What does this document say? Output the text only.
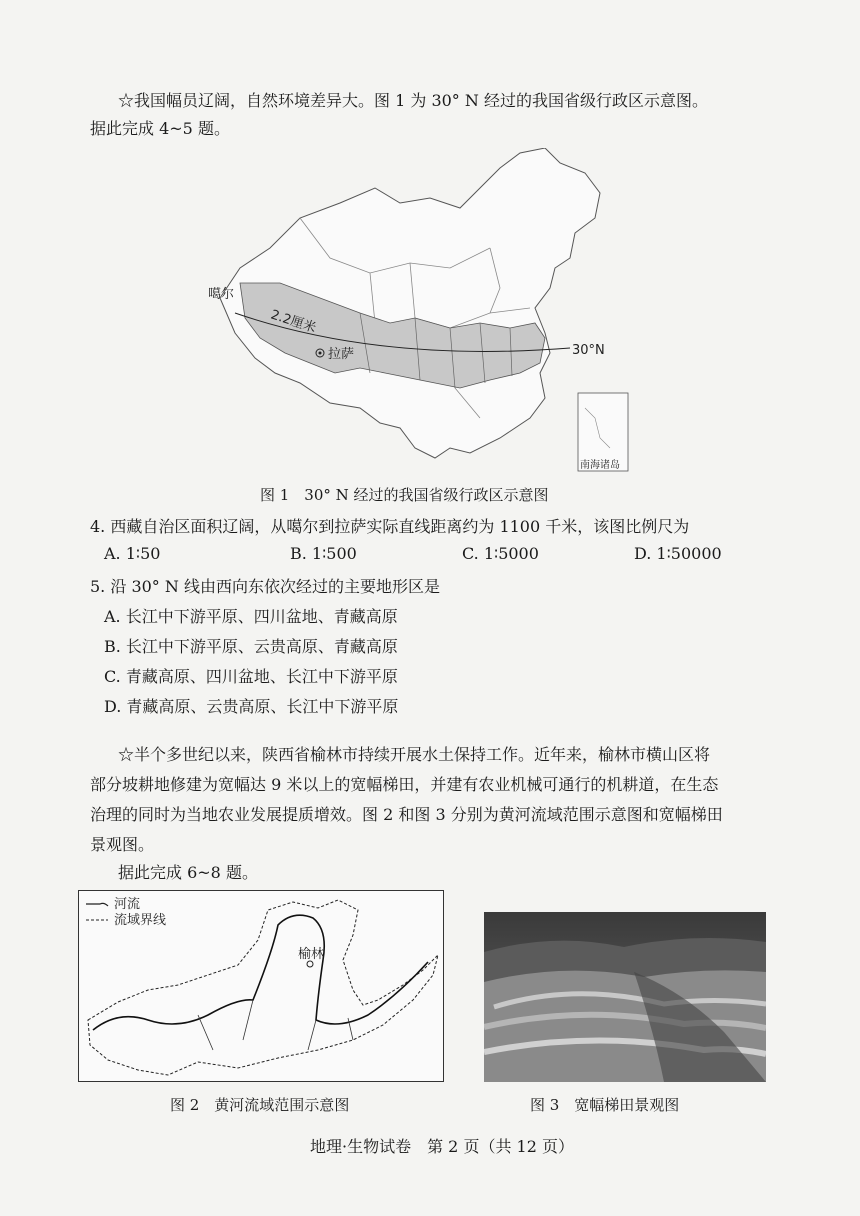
☆我国幅员辽阔，自然环境差异大。图 1 为 30° N 经过的我国省级行政区示意图。
据此完成 4~5 题。
拉萨
噶尔
2.2厘米
30°N
南海诸岛
图 1　30° N 经过的我国省级行政区示意图
4. 西藏自治区面积辽阔，从噶尔到拉萨实际直线距离约为 1100 千米，该图比例尺为
A. 1∶50	B. 1∶500	C. 1∶5000	D. 1∶50000
5. 沿 30° N 线由西向东依次经过的主要地形区是
A. 长江中下游平原、四川盆地、青藏高原
B. 长江中下游平原、云贵高原、青藏高原
C. 青藏高原、四川盆地、长江中下游平原
D. 青藏高原、云贵高原、长江中下游平原
☆半个多世纪以来，陕西省榆林市持续开展水土保持工作。近年来，榆林市横山区将
部分坡耕地修建为宽幅达 9 米以上的宽幅梯田，并建有农业机械可通行的机耕道，在生态
治理的同时为当地农业发展提质增效。图 2 和图 3 分别为黄河流域范围示意图和宽幅梯田
景观图。
据此完成 6~8 题。
河流
流域界线
榆林
图 2　黄河流域范围示意图	图 3　宽幅梯田景观图
地理·生物试卷　第 2 页（共 12 页）
